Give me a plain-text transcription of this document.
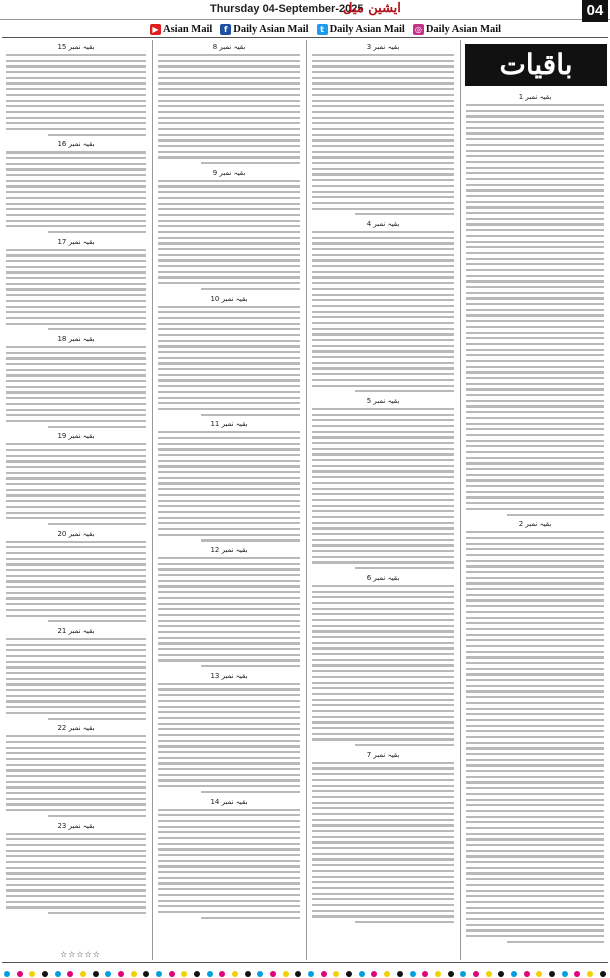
Thursday 04-September-2025
ایشین میل	04
▶ Asian Mail	f Daily Asian Mail	t Daily Asian Mail ◎ Daily Asian Mail
باقیات
بقیہ نمبر 15
بقیہ نمبر 16
بقیہ نمبر 17
بقیہ نمبر 18
بقیہ نمبر 19
بقیہ نمبر 20
بقیہ نمبر 21
بقیہ نمبر 22
بقیہ نمبر 23
بقیہ نمبر 8
بقیہ نمبر 9
بقیہ نمبر 10
بقیہ نمبر 11
بقیہ نمبر 12
بقیہ نمبر 13
بقیہ نمبر 14
بقیہ نمبر 3
بقیہ نمبر 4
بقیہ نمبر 5
بقیہ نمبر 6
بقیہ نمبر 7
بقیہ نمبر 1
بقیہ نمبر 2
☆☆☆☆☆
